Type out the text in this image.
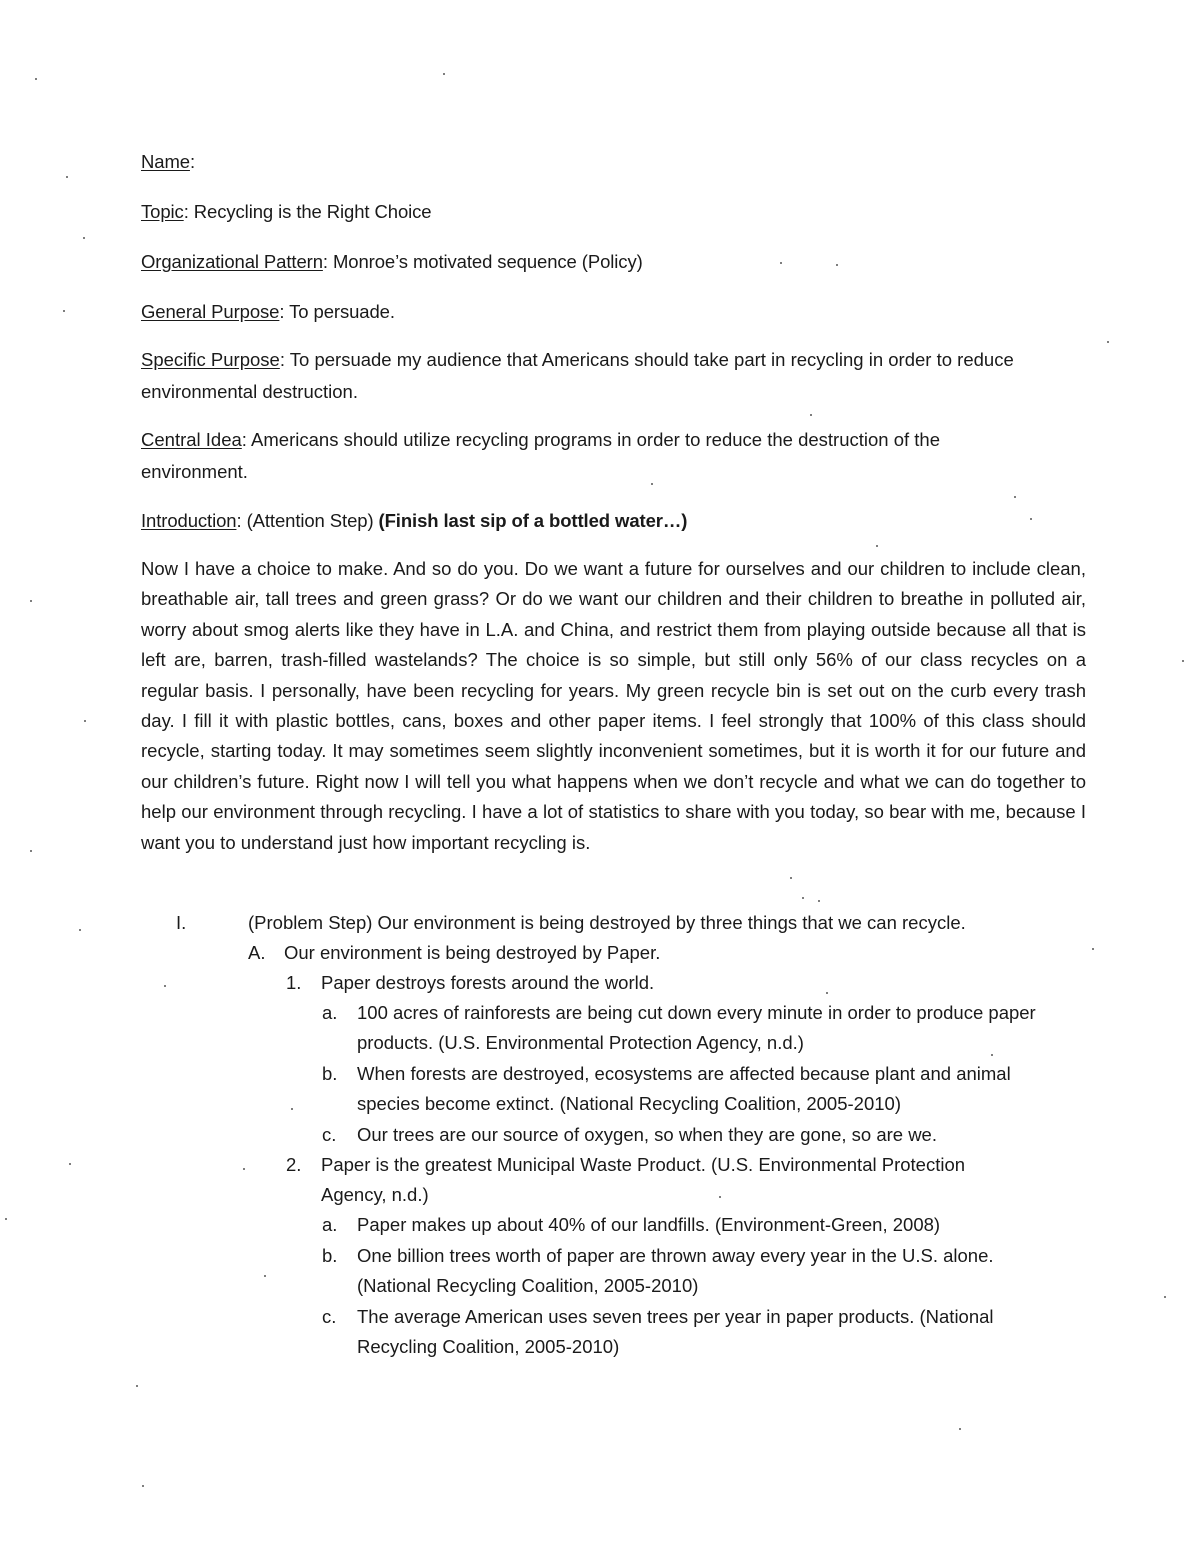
Name:
Topic: Recycling is the Right Choice
Organizational Pattern: Monroe’s motivated sequence (Policy)
General Purpose: To persuade.
Specific Purpose: To persuade my audience that Americans should take part in recycling in order to reduce environmental destruction.
Central Idea: Americans should utilize recycling programs in order to reduce the destruction of the environment.
Introduction: (Attention Step) (Finish last sip of a bottled water…)
Now I have a choice to make. And so do you. Do we want a future for ourselves and our children to include clean, breathable air, tall trees and green grass? Or do we want our children and their children to breathe in polluted air, worry about smog alerts like they have in L.A. and China, and restrict them from playing outside because all that is left are, barren, trash-filled wastelands? The choice is so simple, but still only 56% of our class recycles on a regular basis. I personally, have been recycling for years. My green recycle bin is set out on the curb every trash day. I fill it with plastic bottles, cans, boxes and other paper items. I feel strongly that 100% of this class should recycle, starting today. It may sometimes seem slightly inconvenient sometimes, but it is worth it for our future and our children’s future. Right now I will tell you what happens when we don’t recycle and what we can do together to help our environment through recycling. I have a lot of statistics to share with you today, so bear with me, because I want you to understand just how important recycling is.
I.	(Problem Step) Our environment is being destroyed by three things that we can recycle.
A. Our environment is being destroyed by Paper.
1. Paper destroys forests around the world.
a. 100 acres of rainforests are being cut down every minute in order to produce paper products. (U.S. Environmental Protection Agency, n.d.)
b. When forests are destroyed, ecosystems are affected because plant and animal species become extinct. (National Recycling Coalition, 2005-2010)
c. Our trees are our source of oxygen, so when they are gone, so are we.
2. Paper is the greatest Municipal Waste Product. (U.S. Environmental Protection Agency, n.d.)
a. Paper makes up about 40% of our landfills. (Environment-Green, 2008)
b. One billion trees worth of paper are thrown away every year in the U.S. alone. (National Recycling Coalition, 2005-2010)
c. The average American uses seven trees per year in paper products. (National Recycling Coalition, 2005-2010)
